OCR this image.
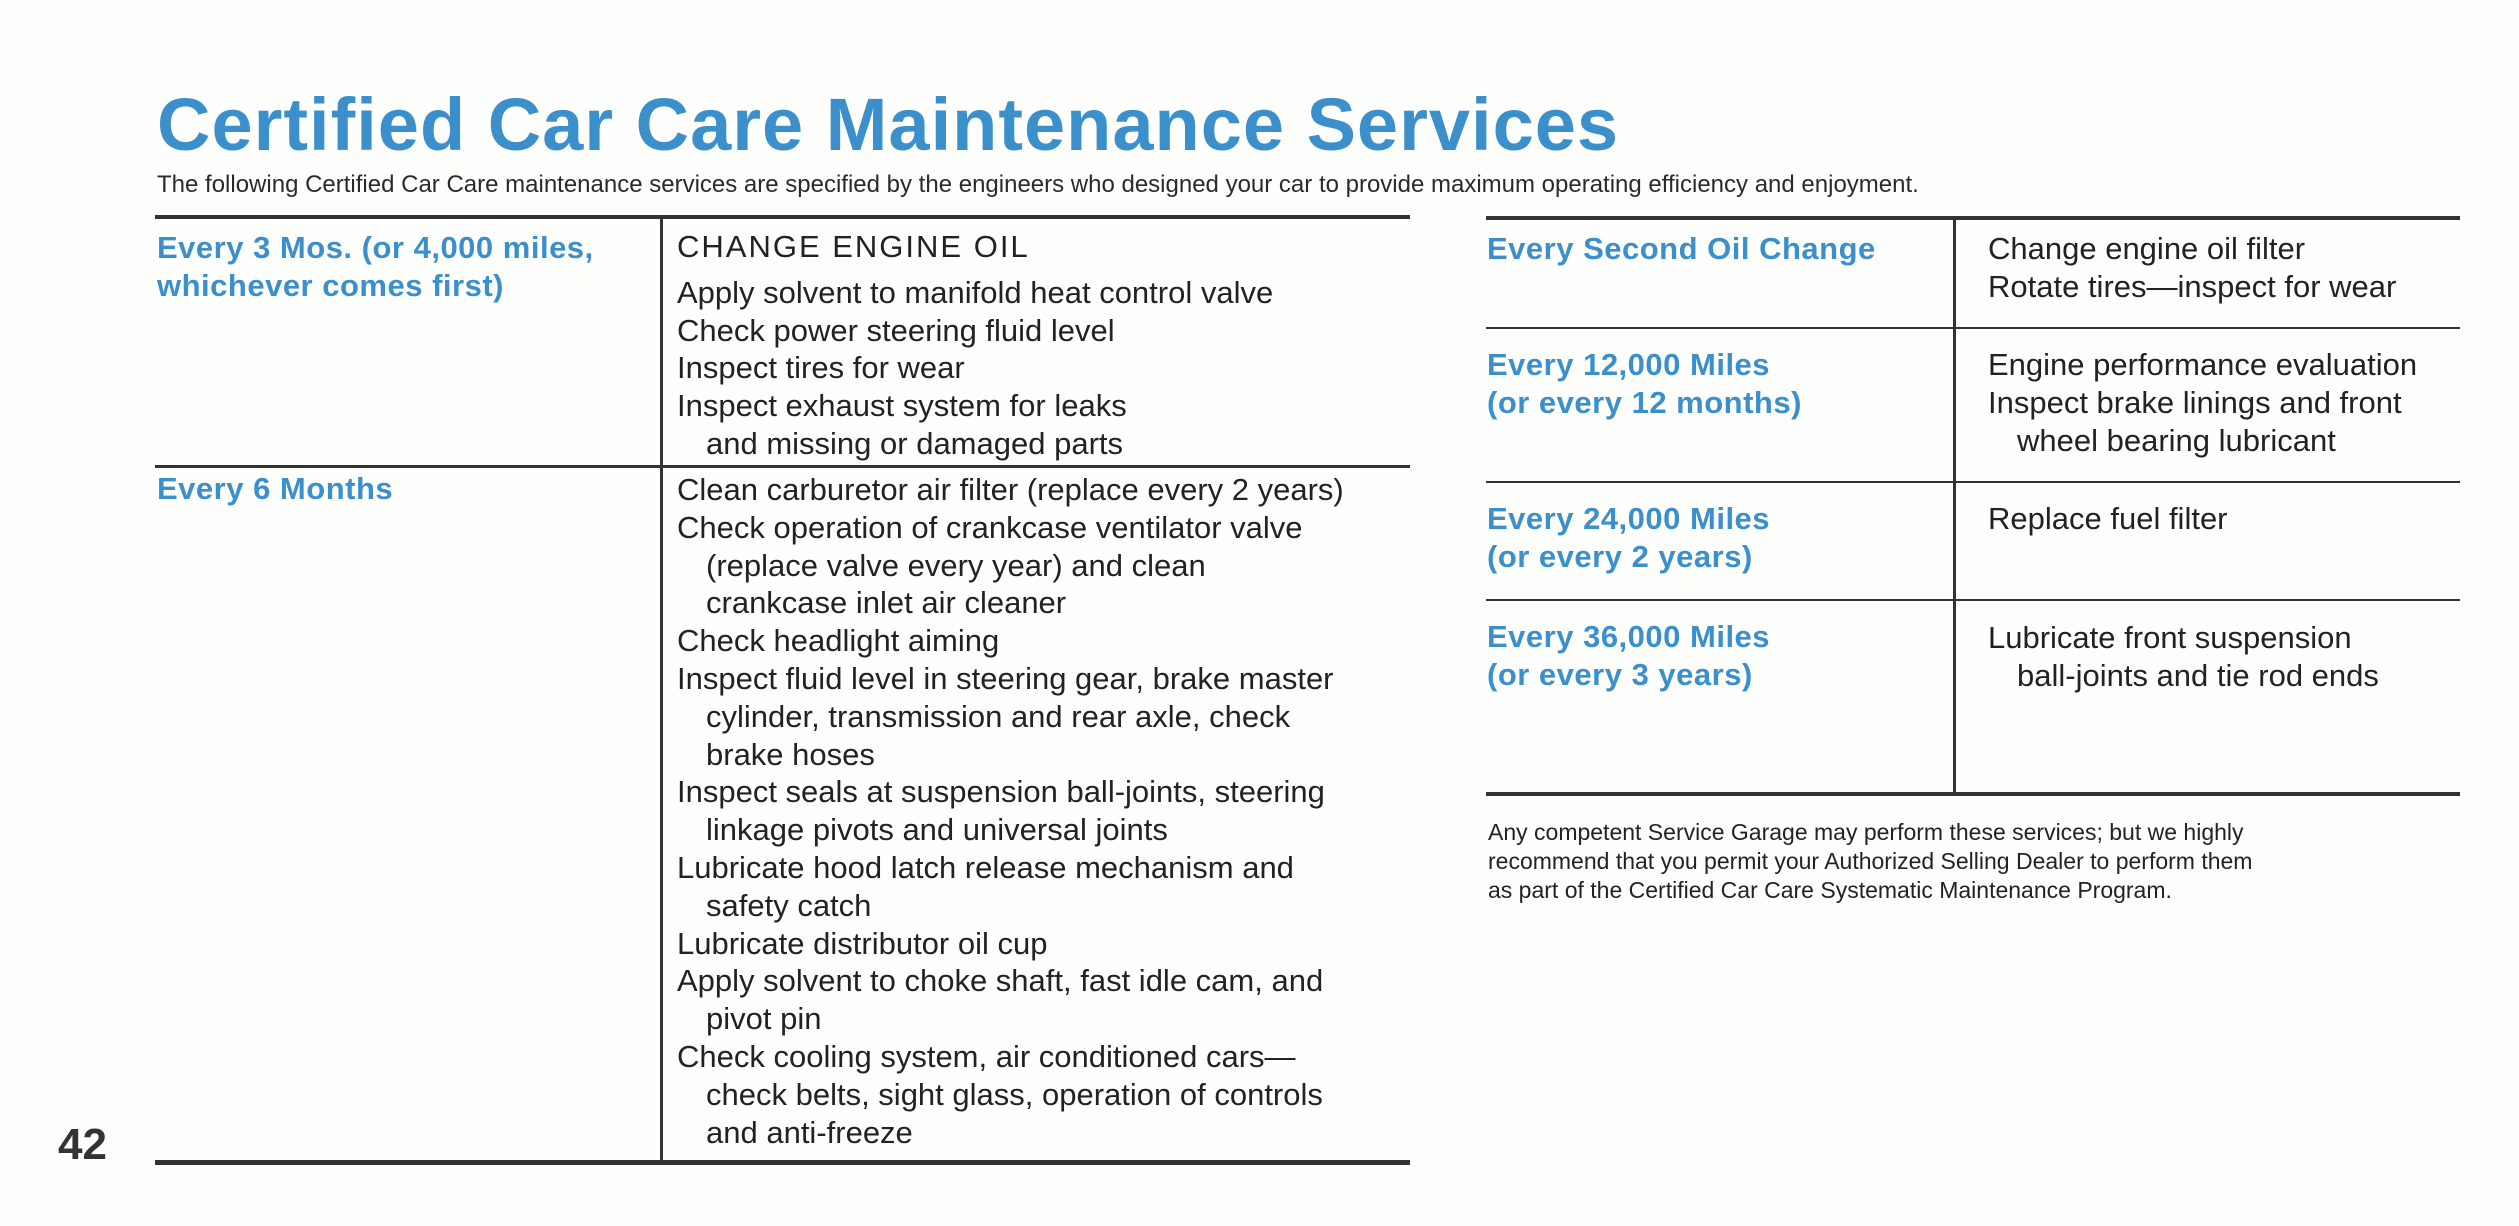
Certified Car Care Maintenance Services
The following Certified Car Care maintenance services are specified by the engineers who designed your car to provide maximum operating efficiency and enjoyment.
Every 3 Mos. (or 4,000 miles,
whichever comes first)
CHANGE ENGINE OIL
Apply solvent to manifold heat control valve
Check power steering fluid level
Inspect tires for wear
Inspect exhaust system for leaks
and missing or damaged parts
Every 6 Months	Clean carburetor air filter (replace every 2 years)
Check operation of crankcase ventilator valve
(replace valve every year) and clean
crankcase inlet air cleaner
Check headlight aiming
Inspect fluid level in steering gear, brake master
cylinder, transmission and rear axle, check
brake hoses
Inspect seals at suspension ball-joints, steering
linkage pivots and universal joints
Lubricate hood latch release mechanism and
safety catch
Lubricate distributor oil cup
Apply solvent to choke shaft, fast idle cam, and
pivot pin
Check cooling system, air conditioned cars—
check belts, sight glass, operation of controls
and anti-freeze
Every Second Oil Change	Change engine oil filter
Rotate tires—inspect for wear
Every 12,000 Miles
(or every 12 months)
Engine performance evaluation
Inspect brake linings and front
wheel bearing lubricant
Every 24,000 Miles
(or every 2 years)
Replace fuel filter
Every 36,000 Miles
(or every 3 years)
Lubricate front suspension
ball-joints and tie rod ends
Any competent Service Garage may perform these services; but we highly
recommend that you permit your Authorized Selling Dealer to perform them
as part of the Certified Car Care Systematic Maintenance Program.
42
